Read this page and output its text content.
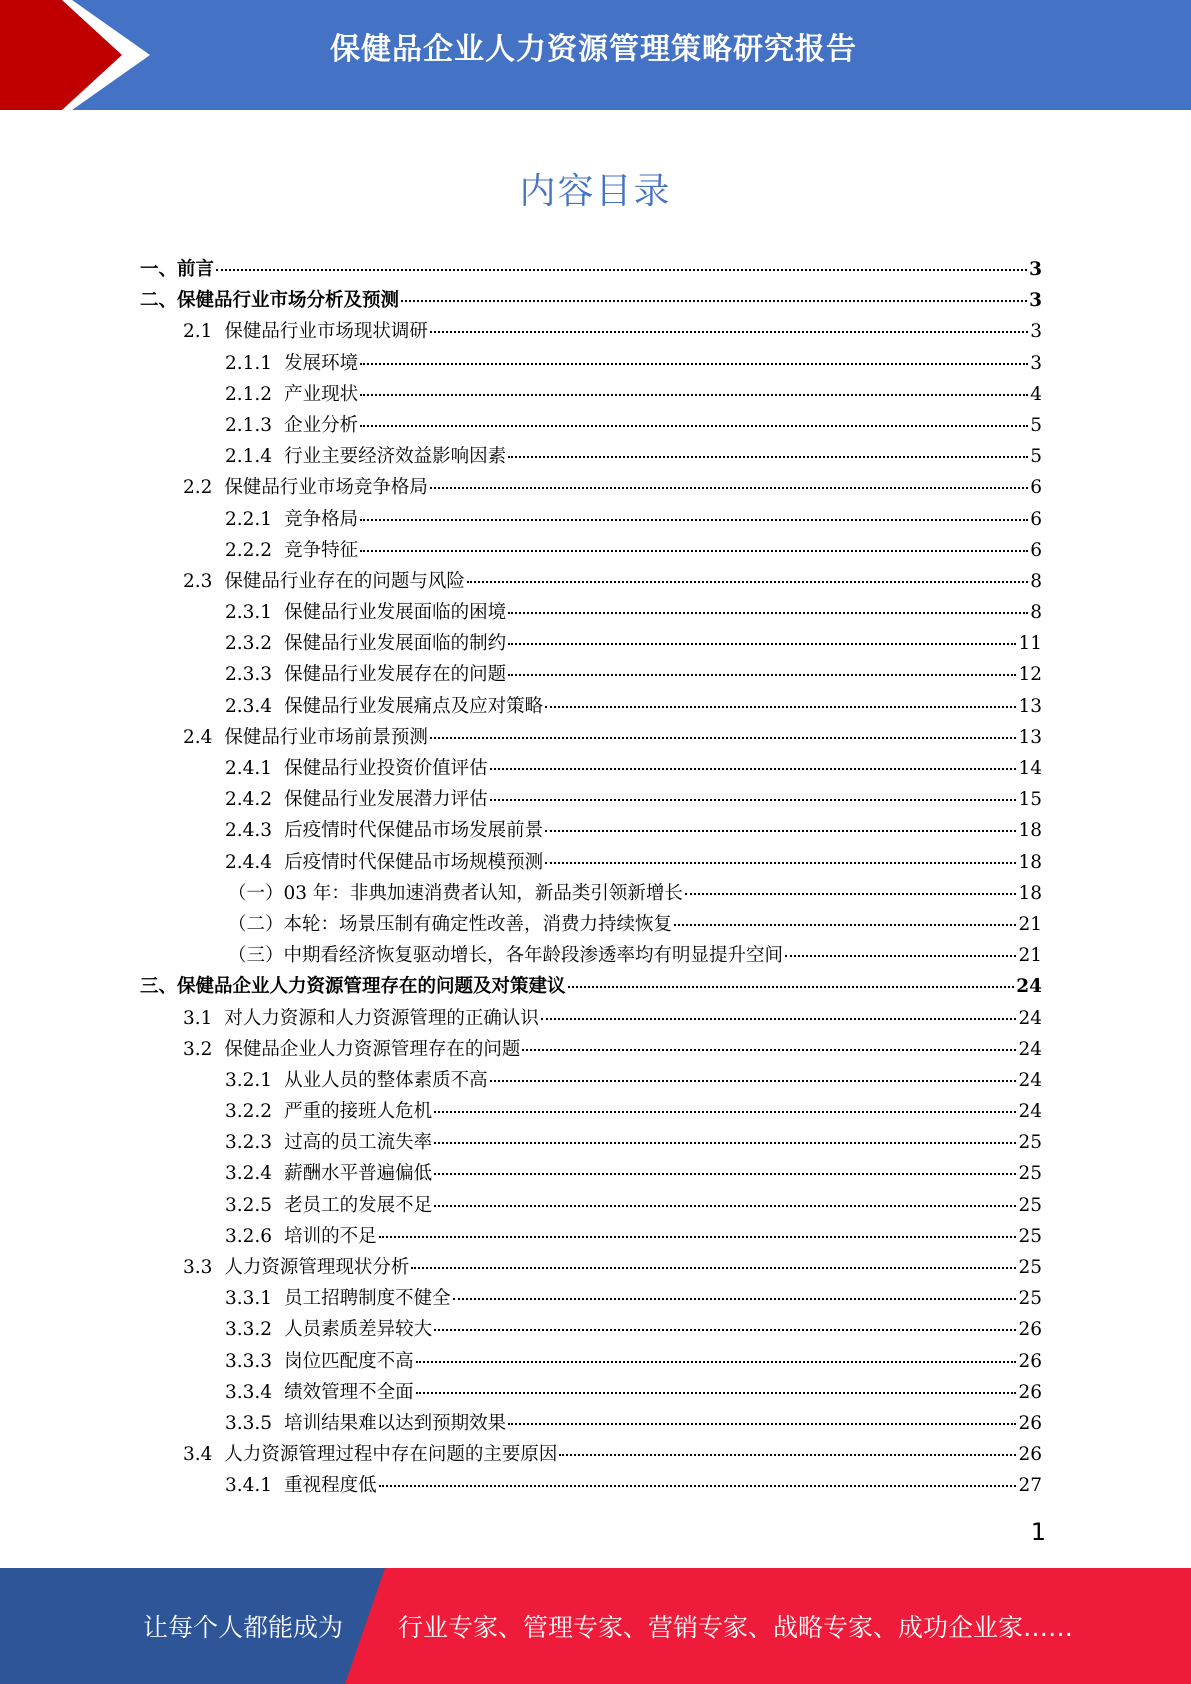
保健品企业人力资源管理策略研究报告
内容目录
一、 前言	3
二、 保健品行业市场分析及预测	3
2.1 保健品行业市场现状调研	3
2.1.1 发展环境	3
2.1.2 产业现状	4
2.1.3 企业分析	5
2.1.4 行业主要经济效益影响因素	5
2.2 保健品行业市场竞争格局	6
2.2.1 竞争格局	6
2.2.2 竞争特征	6
2.3 保健品行业存在的问题与风险	8
2.3.1 保健品行业发展面临的困境	8
2.3.2 保健品行业发展面临的制约	11
2.3.3 保健品行业发展存在的问题	12
2.3.4 保健品行业发展痛点及应对策略	13
2.4 保健品行业市场前景预测	13
2.4.1 保健品行业投资价值评估	14
2.4.2 保健品行业发展潜力评估	15
2.4.3 后疫情时代保健品市场发展前景	18
2.4.4 后疫情时代保健品市场规模预测	18
（一）03 年：非典加速消费者认知，新品类引领新增长	18
（二）本轮：场景压制有确定性改善，消费力持续恢复	21
（三）中期看经济恢复驱动增长，各年龄段渗透率均有明显提升空间	21
三、 保健品企业人力资源管理存在的问题及对策建议	24
3.1 对人力资源和人力资源管理的正确认识	24
3.2 保健品企业人力资源管理存在的问题	24
3.2.1 从业人员的整体素质不高	24
3.2.2 严重的接班人危机	24
3.2.3 过高的员工流失率	25
3.2.4 薪酬水平普遍偏低	25
3.2.5 老员工的发展不足	25
3.2.6 培训的不足	25
3.3 人力资源管理现状分析	25
3.3.1 员工招聘制度不健全	25
3.3.2 人员素质差异较大	26
3.3.3 岗位匹配度不高	26
3.3.4 绩效管理不全面	26
3.3.5 培训结果难以达到预期效果	26
3.4 人力资源管理过程中存在问题的主要原因	26
3.4.1 重视程度低	27
1
让每个人都能成为 行业专家、管理专家、营销专家、战略专家、成功企业家……
